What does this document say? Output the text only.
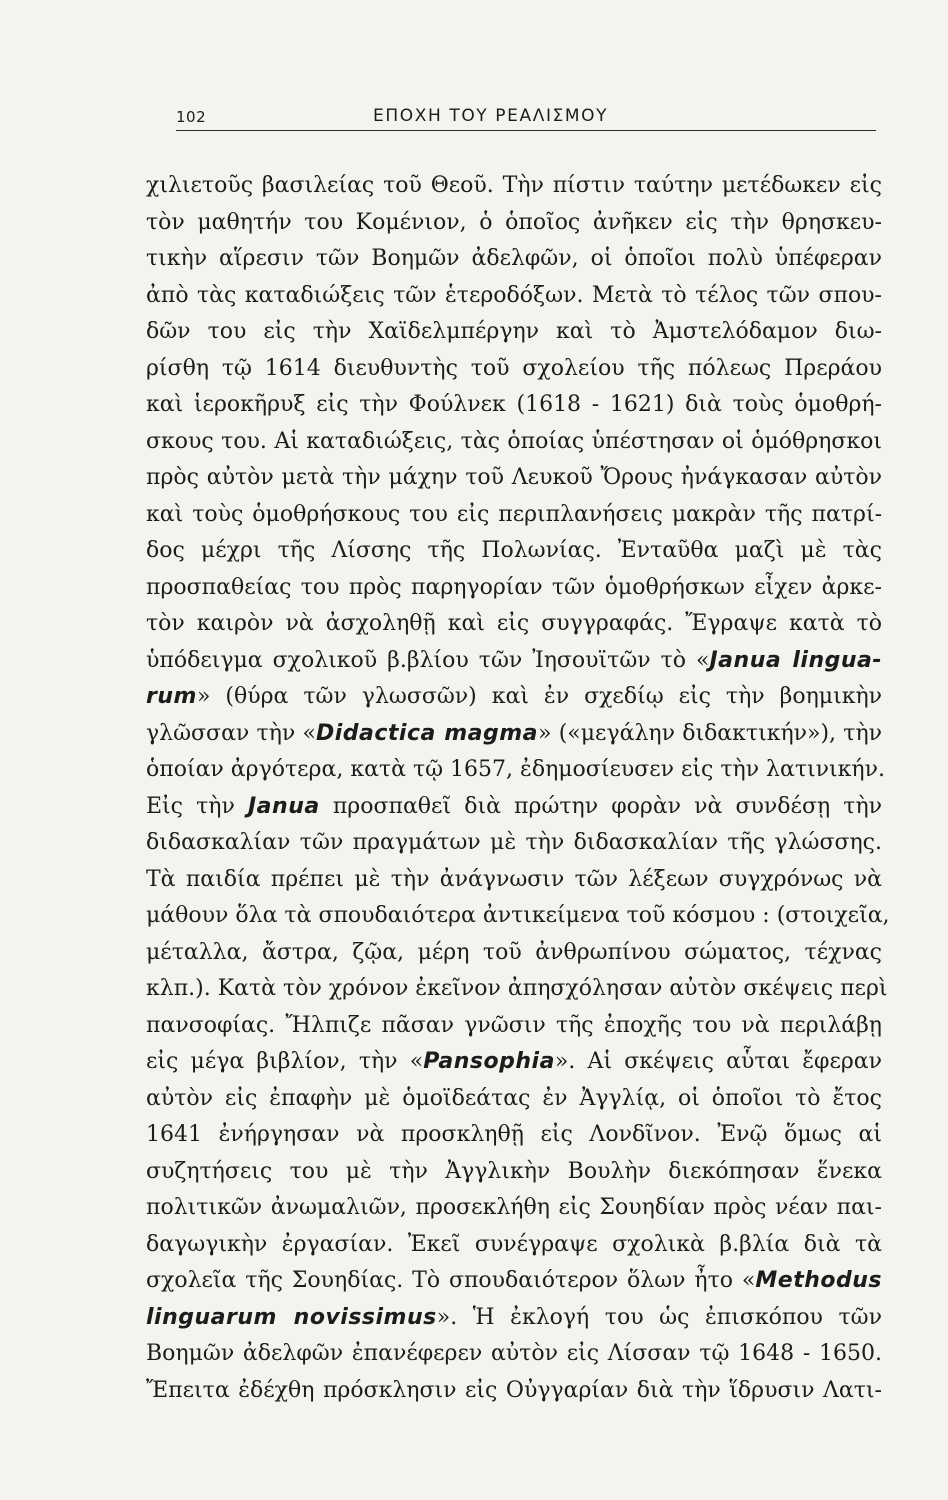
102	ΕΠΟΧΗ ΤΟΥ ΡΕΑΛΙΣΜΟΥ
χιλιετοῦς βασιλείας τοῦ Θεοῦ. Τὴν πίστιν ταύτην μετέδωκεν εἰς
τὸν μαθητήν του Κομένιον, ὁ ὁποῖος ἀνῆκεν εἰς τὴν θρησκευ-
τικὴν αἵρεσιν τῶν Βοημῶν ἀδελφῶν, οἱ ὁποῖοι πολὺ ὑπέφεραν
ἀπὸ τὰς καταδιώξεις τῶν ἑτεροδόξων. Μετὰ τὸ τέλος τῶν σπου-
δῶν του εἰς τὴν Χαϊδελμπέργην καὶ τὸ Ἀμστελόδαμον διω-
ρίσθη τῷ 1614 διευθυντὴς τοῦ σχολείου τῆς πόλεως Πρεράου
καὶ ἱεροκῆρυξ εἰς τὴν Φούλνεκ (1618 - 1621) διὰ τοὺς ὁμοθρή-
σκους του. Αἱ καταδιώξεις, τὰς ὁποίας ὑπέστησαν οἱ ὁμόθρησκοι
πρὸς αὐτὸν μετὰ τὴν μάχην τοῦ Λευκοῦ Ὄρους ἠνάγκασαν αὐτὸν
καὶ τοὺς ὁμοθρήσκους του εἰς περιπλανήσεις μακρὰν τῆς πατρί-
δος μέχρι τῆς Λίσσης τῆς Πολωνίας. Ἐνταῦθα μαζὶ μὲ τὰς
προσπαθείας του πρὸς παρηγορίαν τῶν ὁμοθρήσκων εἶχεν ἀρκε-
τὸν καιρὸν νὰ ἀσχοληθῇ καὶ εἰς συγγραφάς. Ἔγραψε κατὰ τὸ
ὑπόδειγμα σχολικοῦ β.βλίου τῶν Ἰησουϊτῶν τὸ «Janua lingua-
rum» (θύρα τῶν γλωσσῶν) καὶ ἐν σχεδίῳ εἰς τὴν βοημικὴν
γλῶσσαν τὴν «Didactica magma» («μεγάλην διδακτικήν»), τὴν
ὁποίαν ἀργότερα, κατὰ τῷ 1657, ἐδημοσίευσεν εἰς τὴν λατινικήν.
Εἰς τὴν Janua προσπαθεῖ διὰ πρώτην φορὰν νὰ συνδέσῃ τὴν
διδασκαλίαν τῶν πραγμάτων μὲ τὴν διδασκαλίαν τῆς γλώσσης.
Τὰ παιδία πρέπει μὲ τὴν ἀνάγνωσιν τῶν λέξεων συγχρόνως νὰ
μάθουν ὅλα τὰ σπουδαιότερα ἀντικείμενα τοῦ κόσμου : (στοιχεῖα,
μέταλλα, ἄστρα, ζῷα, μέρη τοῦ ἀνθρωπίνου σώματος, τέχνας
κλπ.). Κατὰ τὸν χρόνον ἐκεῖνον ἀπησχόλησαν αὐτὸν σκέψεις περὶ
πανσοφίας. Ἤλπιζε πᾶσαν γνῶσιν τῆς ἐποχῆς του νὰ περιλάβῃ
εἰς μέγα βιβλίον, τὴν «Pansophia». Αἱ σκέψεις αὗται ἔφεραν
αὐτὸν εἰς ἐπαφὴν μὲ ὁμοϊδεάτας ἐν Ἀγγλίᾳ, οἱ ὁποῖοι τὸ ἔτος
1641 ἐνήργησαν νὰ προσκληθῇ εἰς Λονδῖνον. Ἐνῷ ὅμως αἱ
συζητήσεις του μὲ τὴν Ἀγγλικὴν Βουλὴν διεκόπησαν ἕνεκα
πολιτικῶν ἀνωμαλιῶν, προσεκλήθη εἰς Σουηδίαν πρὸς νέαν παι-
δαγωγικὴν ἐργασίαν. Ἐκεῖ συνέγραψε σχολικὰ β.βλία διὰ τὰ
σχολεῖα τῆς Σουηδίας. Τὸ σπουδαιότερον ὅλων ἦτο «Methodus
linguarum novissimus». Ἡ ἐκλογή του ὡς ἐπισκόπου τῶν
Βοημῶν ἀδελφῶν ἐπανέφερεν αὐτὸν εἰς Λίσσαν τῷ 1648 - 1650.
Ἔπειτα ἐδέχθη πρόσκλησιν εἰς Οὐγγαρίαν διὰ τὴν ἵδρυσιν Λατι-
